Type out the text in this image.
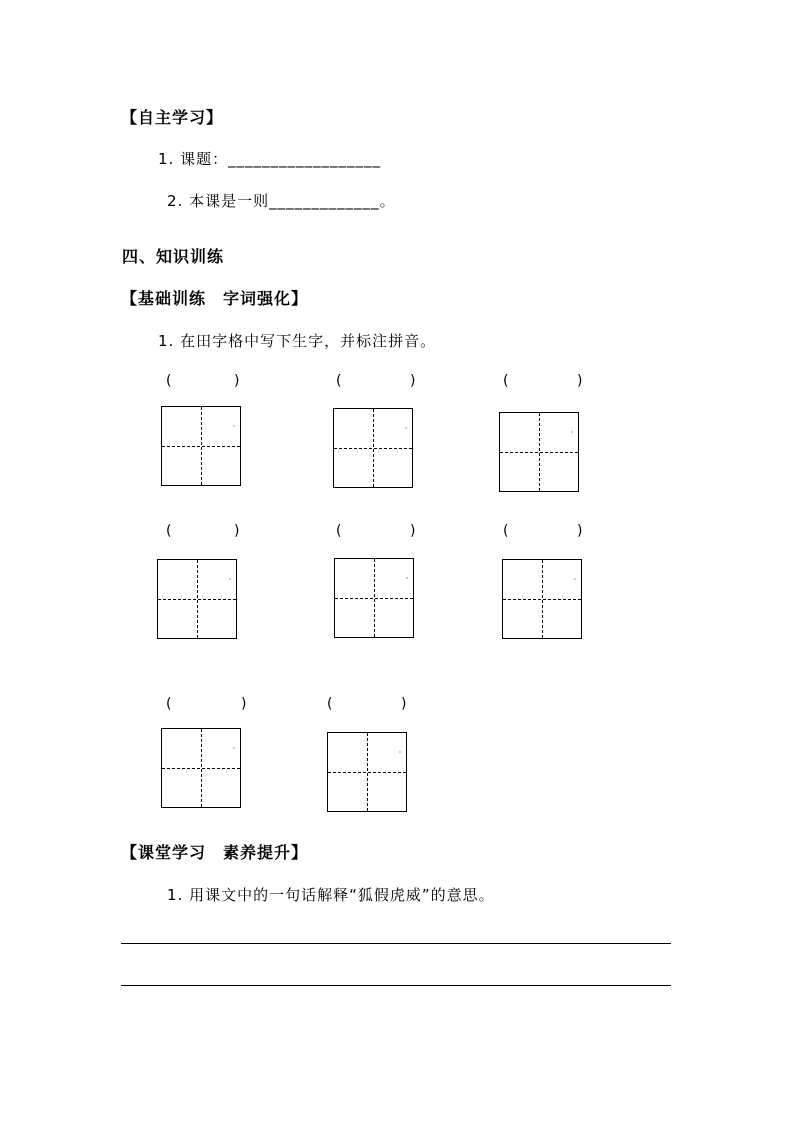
【自主学习】
1. 课题：__________________
2. 本课是一则_____________。
四、知识训练
【基础训练　字词强化】
1. 在田字格中写下生字，并标注拼音。
(	)	(	)	(	)
(	)	(	)	(	)
(	)	(	)
【课堂学习　素养提升】
1. 用课文中的一句话解释“狐假虎威”的意思。
